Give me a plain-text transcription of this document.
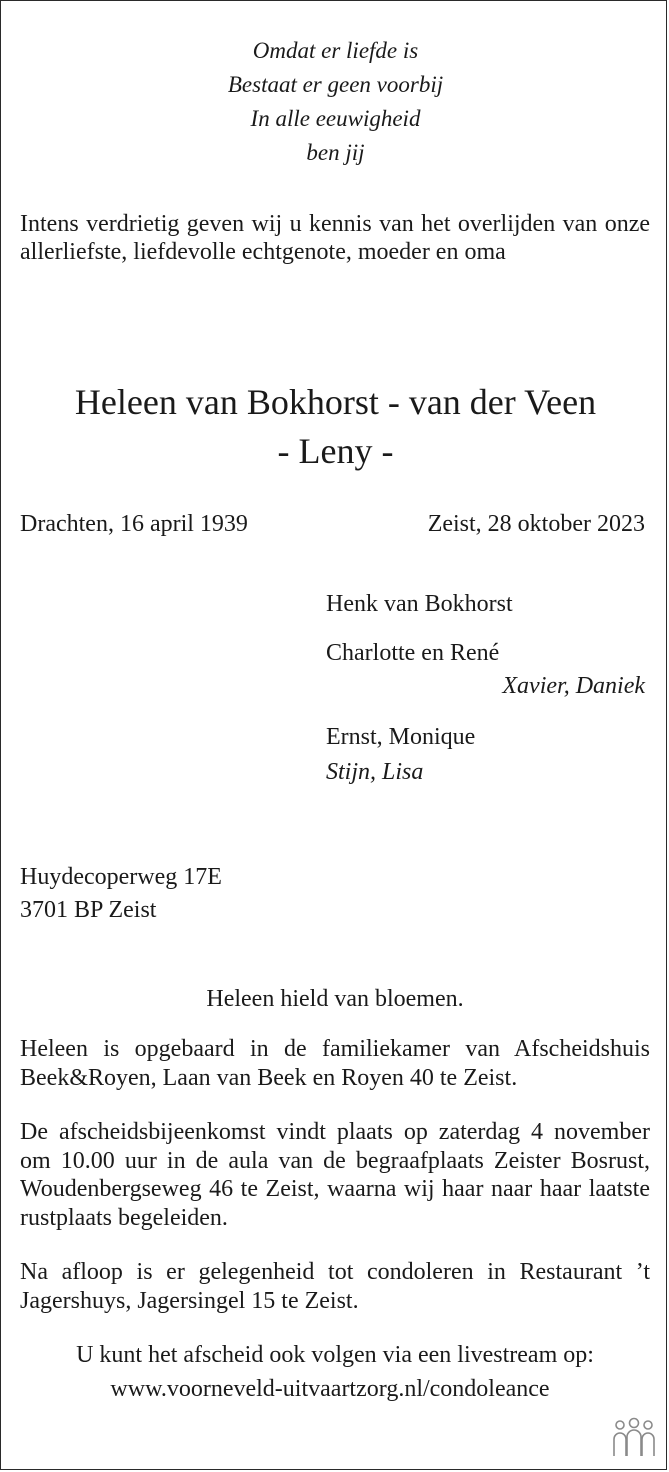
Omdat er liefde is
Bestaat er geen voorbij
In alle eeuwigheid
ben jij
Intens verdrietig geven wij u kennis van het overlijden van onze allerliefste, liefdevolle echtgenote, moeder en oma
Heleen van Bokhorst - van der Veen
- Leny -
Drachten, 16 april 1939	Zeist, 28 oktober 2023
Henk van Bokhorst
Charlotte en René
Xavier, Daniek
Ernst, Monique
Stijn, Lisa
Huydecoperweg 17E
3701 BP Zeist
Heleen hield van bloemen.
Heleen is opgebaard in de familiekamer van Afscheidshuis Beek&Royen, Laan van Beek en Royen 40 te Zeist.
De afscheidsbijeenkomst vindt plaats op zaterdag 4 november om 10.00 uur in de aula van de begraafplaats Zeister Bosrust, Woudenbergseweg 46 te Zeist, waarna wij haar naar haar laatste rustplaats begeleiden.
Na afloop is er gelegenheid tot condoleren in Restaurant ’t Jagershuys, Jagersingel 15 te Zeist.
U kunt het afscheid ook volgen via een livestream op:
www.voorneveld-uitvaartzorg.nl/condoleance
